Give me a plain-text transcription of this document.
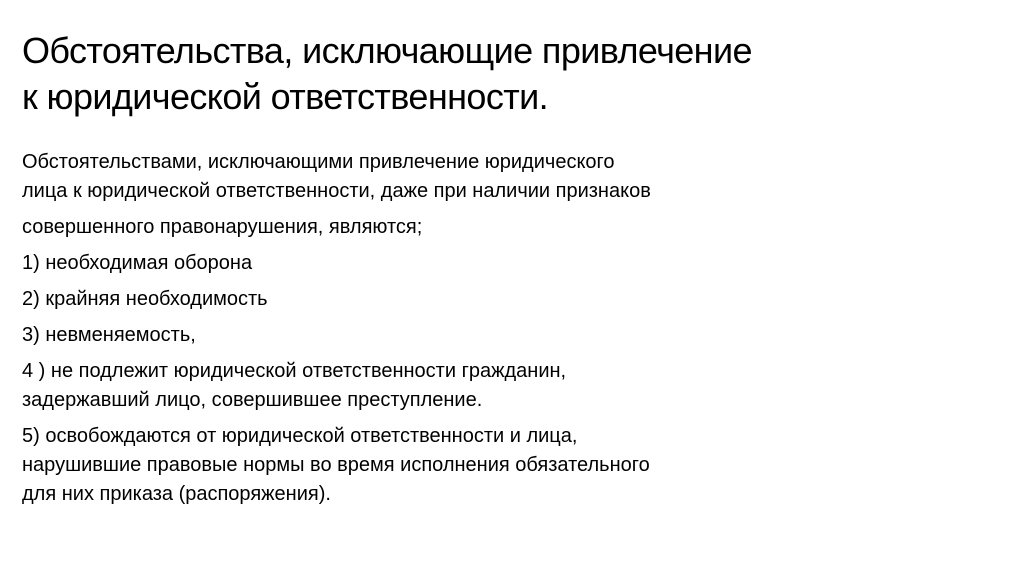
Обстоятельства, исключающие привлечение
к юридической ответственности.

Обстоятельствами, исключающими привлечение юридического
лица к юридической ответственности, даже при наличии признаков

совершенного правонарушения, являются;

1) необходимая оборона

2) крайняя необходимость

3) невменяемость,

4 ) не подлежит юридической ответственности гражданин,
задержавший лицо, совершившее преступление.

5) освобождаются от юридической ответственности и лица,
нарушившие правовые нормы во время исполнения обязательного
для них приказа (распоряжения).
